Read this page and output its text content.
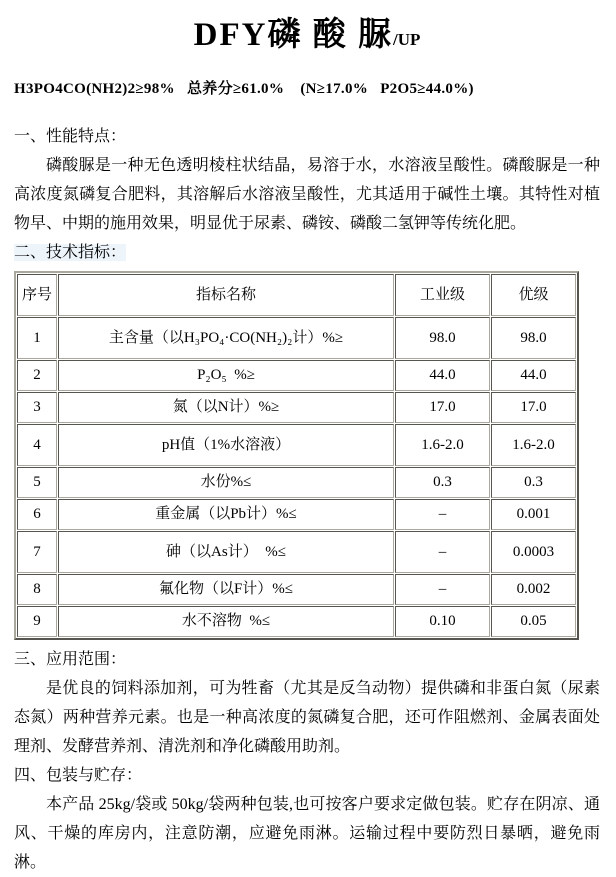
DFY磷 酸 脲/UP
H3PO4CO(NH2)2≥98%   总养分≥61.0%    (N≥17.0%   P2O5≥44.0%)
一、性能特点：
磷酸脲是一种无色透明棱柱状结晶，易溶于水，水溶液呈酸性。磷酸脲是一种高浓度氮磷复合肥料，其溶解后水溶液呈酸性，尤其适用于碱性土壤。其特性对植物早、中期的施用效果，明显优于尿素、磷铵、磷酸二氢钾等传统化肥。
二、技术指标：
序号	指标名称	工业级	优级
1	主含量（以H₃PO₄·CO(NH₂)₂计）%≥	98.0	98.0
2	P₂O₅  %≥	44.0	44.0
3	氮（以N计）%≥	17.0	17.0
4	pH值（1%水溶液）	1.6-2.0	1.6-2.0
5	水份%≤	0.3	0.3
6	重金属（以Pb计）%≤	–	0.001
7	砷（以As计）  %≤	–	0.0003
8	氟化物（以F计）%≤	–	0.002
9	水不溶物  %≤	0.10	0.05
三、应用范围：
是优良的饲料添加剂，可为牲畜（尤其是反刍动物）提供磷和非蛋白氮（尿素态氮）两种营养元素。也是一种高浓度的氮磷复合肥，还可作阻燃剂、金属表面处理剂、发酵营养剂、清洗剂和净化磷酸用助剂。
四、包装与贮存：
本产品 25kg/袋或 50kg/袋两种包装,也可按客户要求定做包装。贮存在阴凉、通风、干燥的库房内，注意防潮，应避免雨淋。运输过程中要防烈日暴晒，避免雨淋。
